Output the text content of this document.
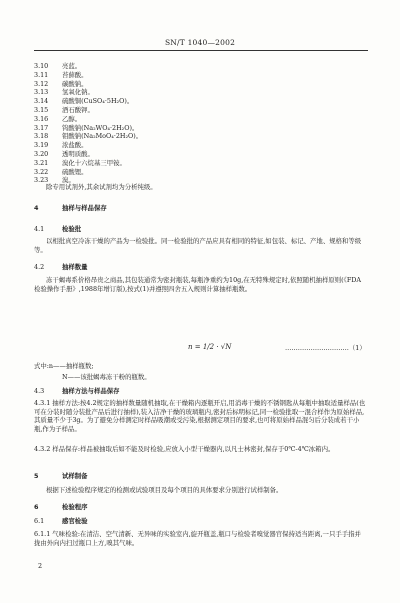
SN/T 1040—2002
3.10 亮蓝。
3.11 苔藓酸。
3.12 碳酸钠。
3.13 氢氧化钠。
3.14 硫酸铜(CuSO₄·5H₂O)。
3.15 酒石酸钾。
3.16 乙醇。
3.17 钨酸钠(Na₂WO₄·2H₂O)。
3.18 钼酸钠(Na₂MoO₄·2H₂O)。
3.19 浓盐酸。
3.20 透明质酸。
3.21 溴化十六烷基三甲铵。
3.22 硫酸锂。
3.23 溴。
除专用试剂外,其余试剂均为分析纯级。
4	抽样与样品保存
4.1	检验批
以相批真空冷冻干燥的产品为一检验批。同一检验批的产品应具有相同的特征,如包装、标记、产地、规格和等级等。
4.2	抽样数量
冻干蝎毒系价格昂贵之商品,其包装通常为密封瓶装,每瓶净重约为10g,在无特殊规定时,依照随机抽样原则(《FDA检验操作手册》,1988年增订版),按式(1)并遵照四舍五入规则计算抽样瓶数。
n = 1/2 · √N	…………………………（1）
式中:n——抽样瓶数;
N——该批蝎毒冻干粉的瓶数。
4.3	抽样方法与样品保存
4.3.1 抽样方法:按4.2规定的抽样数量随机抽取,在干燥箱内逐瓶开启,用消毒干燥的不锈钢匙从每瓶中抽取适量样品(也可在分装时随分装批产品后进行抽样),装入洁净干燥的玻璃瓶内,密封后标明标记,同一检验批取一混合样作为原始样品,其质量不少于3g。为了避免分样测定时样品吸潮或受污染,根据测定项目的要求,也可将原始样品混匀后分装成若干小瓶,作为子样品。
4.3.2 样品保存:样品被抽取后如不能及时检验,应放入小型干燥器内,以凡士林密封,保存于0℃-4℃冰箱内。
5	试样制备
根据下述检验程序规定的检测或试验项目及每个项目的具体要求分别进行试样制备。
6	检验程序
6.1	感官检验
6.1.1 气味检验:在清洁、空气清新、无异味的实验室内,旋开瓶盖,瓶口与检验者嗅觉器官保持适当距离,一只手手指并拢由外向内扫过瓶口上方,嗅其气味。
2
